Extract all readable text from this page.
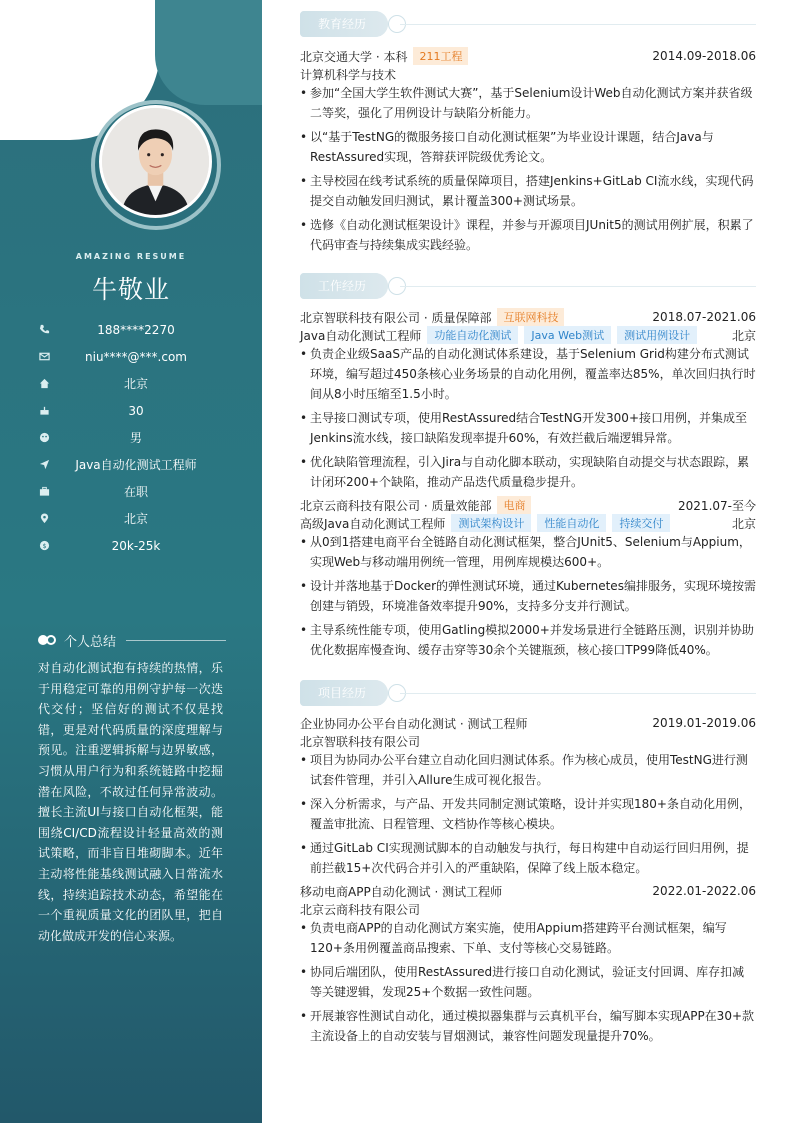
AMAZING RESUME
牛敬业
188****2270
niu****@***.com
北京
30
男
Java自动化测试工程师
在职
北京
$	20k-25k
个人总结
对自动化测试抱有持续的热情，乐于用稳定可靠的用例守护每一次迭代交付；坚信好的测试不仅是找错，更是对代码质量的深度理解与预见。注重逻辑拆解与边界敏感，习惯从用户行为和系统链路中挖掘潜在风险，不故过任何异常波动。擅长主流UI与接口自动化框架，能围绕CI/CD流程设计轻量高效的测试策略，而非盲目堆砌脚本。近年主动将性能基线测试融入日常流水线，持续追踪技术动态，希望能在一个重视质量文化的团队里，把自动化做成开发的信心来源。
教育经历
北京交通大学 · 本科	211工程	2014.09-2018.06
计算机科学与技术
• 参加“全国大学生软件测试大赛”，基于Selenium设计Web自动化测试方案并获省级二等奖，强化了用例设计与缺陷分析能力。
• 以“基于TestNG的微服务接口自动化测试框架”为毕业设计课题，结合Java与RestAssured实现，答辩获评院级优秀论文。
• 主导校园在线考试系统的质量保障项目，搭建Jenkins+GitLab CI流水线，实现代码提交自动触发回归测试，累计覆盖300+测试场景。
• 选修《自动化测试框架设计》课程，并参与开源项目JUnit5的测试用例扩展，积累了代码审查与持续集成实践经验。
工作经历
北京智联科技有限公司 · 质量保障部	互联网科技	2018.07-2021.06
Java自动化测试工程师	功能自动化测试	Java Web测试	测试用例设计	北京
• 负责企业级SaaS产品的自动化测试体系建设，基于Selenium Grid构建分布式测试环境，编写超过450条核心业务场景的自动化用例，覆盖率达85%，单次回归执行时间从8小时压缩至1.5小时。
• 主导接口测试专项，使用RestAssured结合TestNG开发300+接口用例，并集成至Jenkins流水线，接口缺陷发现率提升60%，有效拦截后端逻辑异常。
• 优化缺陷管理流程，引入Jira与自动化脚本联动，实现缺陷自动提交与状态跟踪，累计闭环200+个缺陷，推动产品迭代质量稳步提升。
北京云商科技有限公司 · 质量效能部	电商	2021.07-至今
高级Java自动化测试工程师	测试架构设计	性能自动化	持续交付	北京
• 从0到1搭建电商平台全链路自动化测试框架，整合JUnit5、Selenium与Appium，实现Web与移动端用例统一管理，用例库规模达600+。
• 设计并落地基于Docker的弹性测试环境，通过Kubernetes编排服务，实现环境按需创建与销毁，环境准备效率提升90%，支持多分支并行测试。
• 主导系统性能专项，使用Gatling模拟2000+并发场景进行全链路压测，识别并协助优化数据库慢查询、缓存击穿等30余个关键瓶颈，核心接口TP99降低40%。
项目经历
企业协同办公平台自动化测试 · 测试工程师	2019.01-2019.06
北京智联科技有限公司
• 项目为协同办公平台建立自动化回归测试体系。作为核心成员，使用TestNG进行测试套件管理，并引入Allure生成可视化报告。
• 深入分析需求，与产品、开发共同制定测试策略，设计并实现180+条自动化用例，覆盖审批流、日程管理、文档协作等核心模块。
• 通过GitLab CI实现测试脚本的自动触发与执行，每日构建中自动运行回归用例，提前拦截15+次代码合并引入的严重缺陷，保障了线上版本稳定。
移动电商APP自动化测试 · 测试工程师	2022.01-2022.06
北京云商科技有限公司
• 负责电商APP的自动化测试方案实施，使用Appium搭建跨平台测试框架，编写120+条用例覆盖商品搜索、下单、支付等核心交易链路。
• 协同后端团队，使用RestAssured进行接口自动化测试，验证支付回调、库存扣减等关键逻辑，发现25+个数据一致性问题。
• 开展兼容性测试自动化，通过模拟器集群与云真机平台，编写脚本实现APP在30+款主流设备上的自动安装与冒烟测试，兼容性问题发现量提升70%。
